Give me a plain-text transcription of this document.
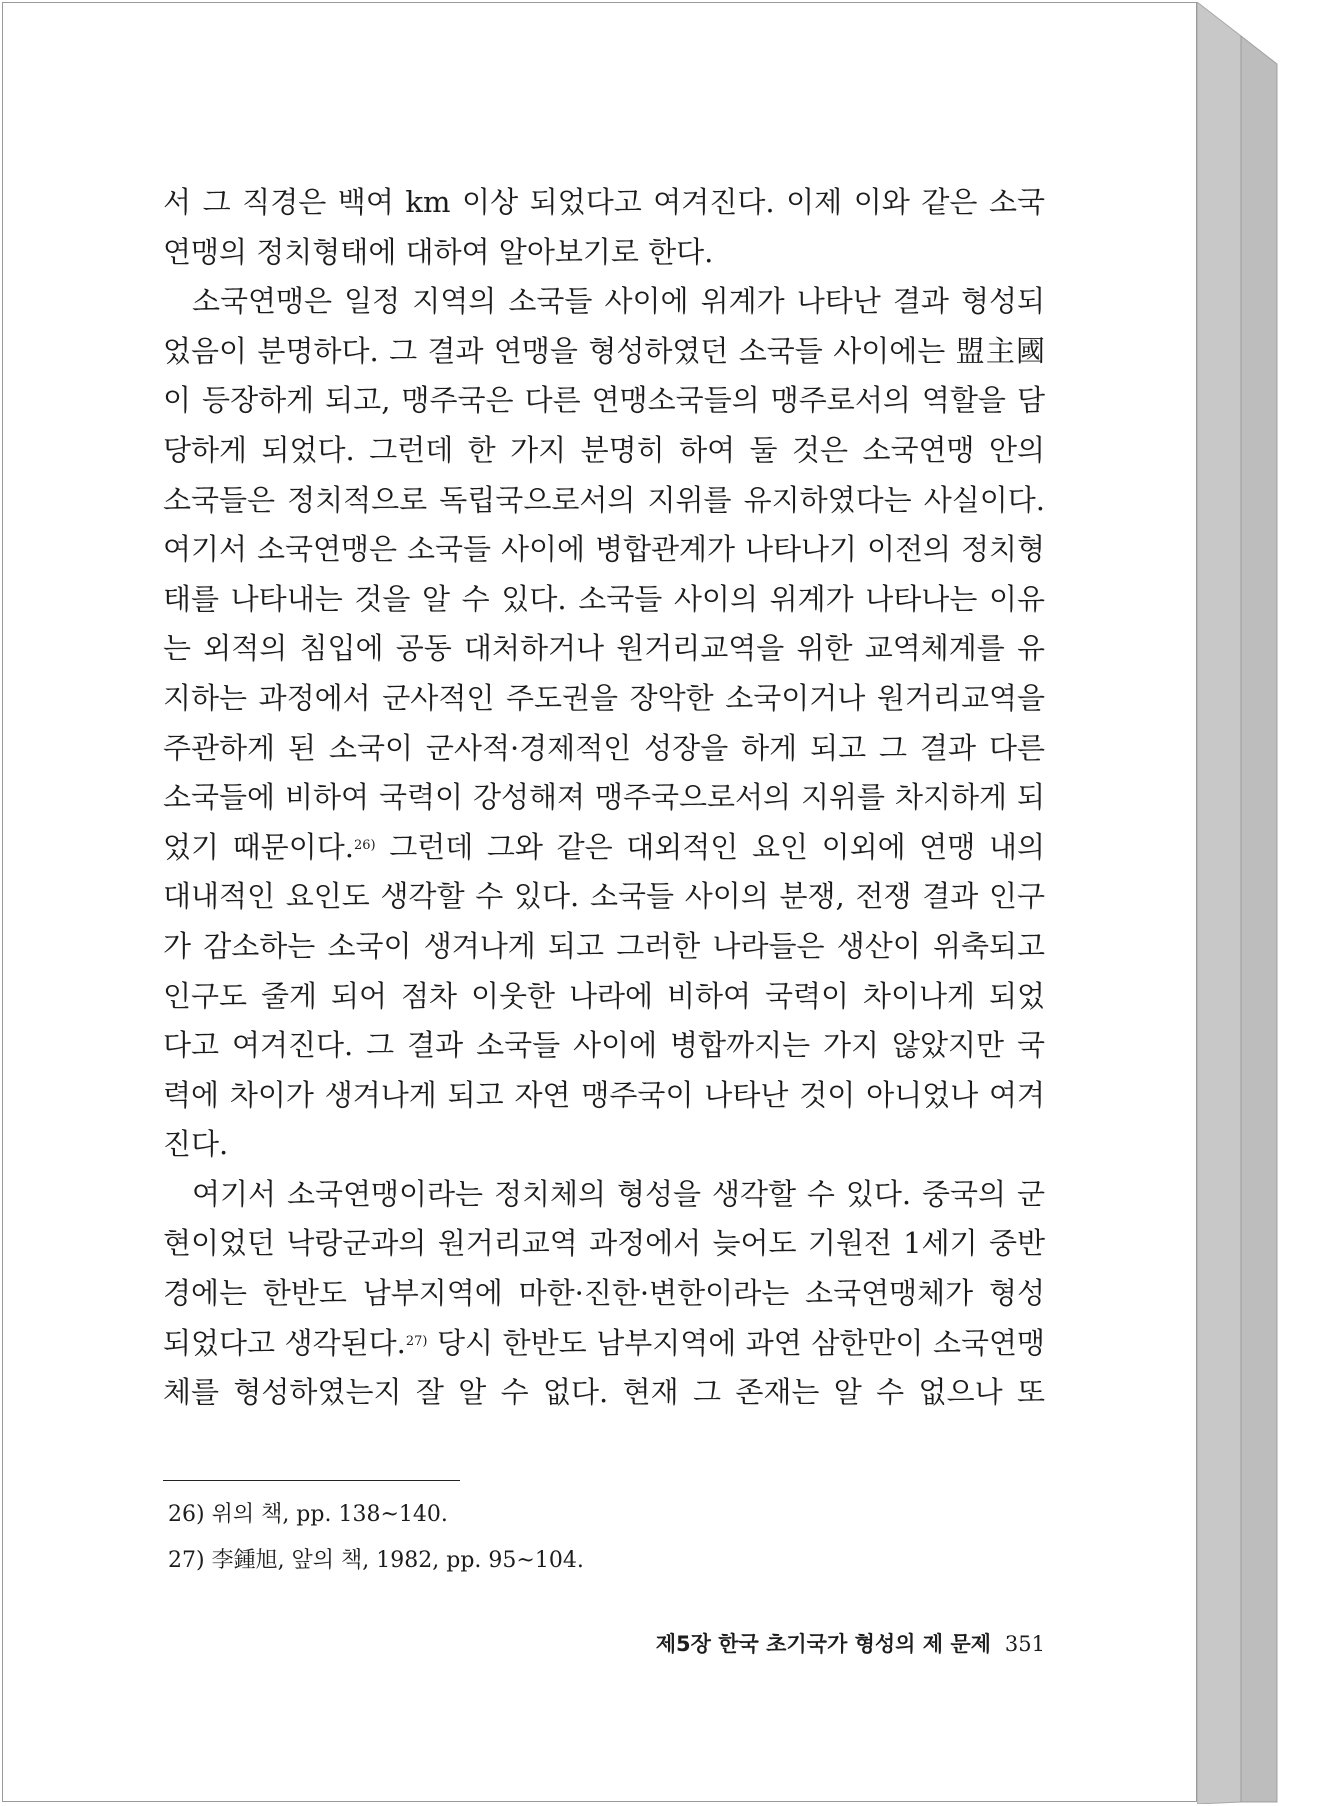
서 그 직경은 백여 km 이상 되었다고 여겨진다. 이제 이와 같은 소국
연맹의 정치형태에 대하여 알아보기로 한다.
소국연맹은 일정 지역의 소국들 사이에 위계가 나타난 결과 형성되
었음이 분명하다. 그 결과 연맹을 형성하였던 소국들 사이에는 盟主國
이 등장하게 되고, 맹주국은 다른 연맹소국들의 맹주로서의 역할을 담
당하게 되었다. 그런데 한 가지 분명히 하여 둘 것은 소국연맹 안의
소국들은 정치적으로 독립국으로서의 지위를 유지하였다는 사실이다.
여기서 소국연맹은 소국들 사이에 병합관계가 나타나기 이전의 정치형
태를 나타내는 것을 알 수 있다. 소국들 사이의 위계가 나타나는 이유
는 외적의 침입에 공동 대처하거나 원거리교역을 위한 교역체계를 유
지하는 과정에서 군사적인 주도권을 장악한 소국이거나 원거리교역을
주관하게 된 소국이 군사적·경제적인 성장을 하게 되고 그 결과 다른
소국들에 비하여 국력이 강성해져 맹주국으로서의 지위를 차지하게 되
었기 때문이다.$^{26)}$ 그런데 그와 같은 대외적인 요인 이외에 연맹 내의
대내적인 요인도 생각할 수 있다. 소국들 사이의 분쟁, 전쟁 결과 인구
가 감소하는 소국이 생겨나게 되고 그러한 나라들은 생산이 위축되고
인구도 줄게 되어 점차 이웃한 나라에 비하여 국력이 차이나게 되었
다고 여겨진다. 그 결과 소국들 사이에 병합까지는 가지 않았지만 국
력에 차이가 생겨나게 되고 자연 맹주국이 나타난 것이 아니었나 여겨
진다.
여기서 소국연맹이라는 정치체의 형성을 생각할 수 있다. 중국의 군
현이었던 낙랑군과의 원거리교역 과정에서 늦어도 기원전 1세기 중반
경에는 한반도 남부지역에 마한·진한·변한이라는 소국연맹체가 형성
되었다고 생각된다.$^{27)}$ 당시 한반도 남부지역에 과연 삼한만이 소국연맹
체를 형성하였는지 잘 알 수 없다. 현재 그 존재는 알 수 없으나 또
26) 위의 책, pp. 138~140.
27) 李鍾旭, 앞의 책, 1982, pp. 95~104.
제5장 한국 초기국가 형성의 제 문제 351
